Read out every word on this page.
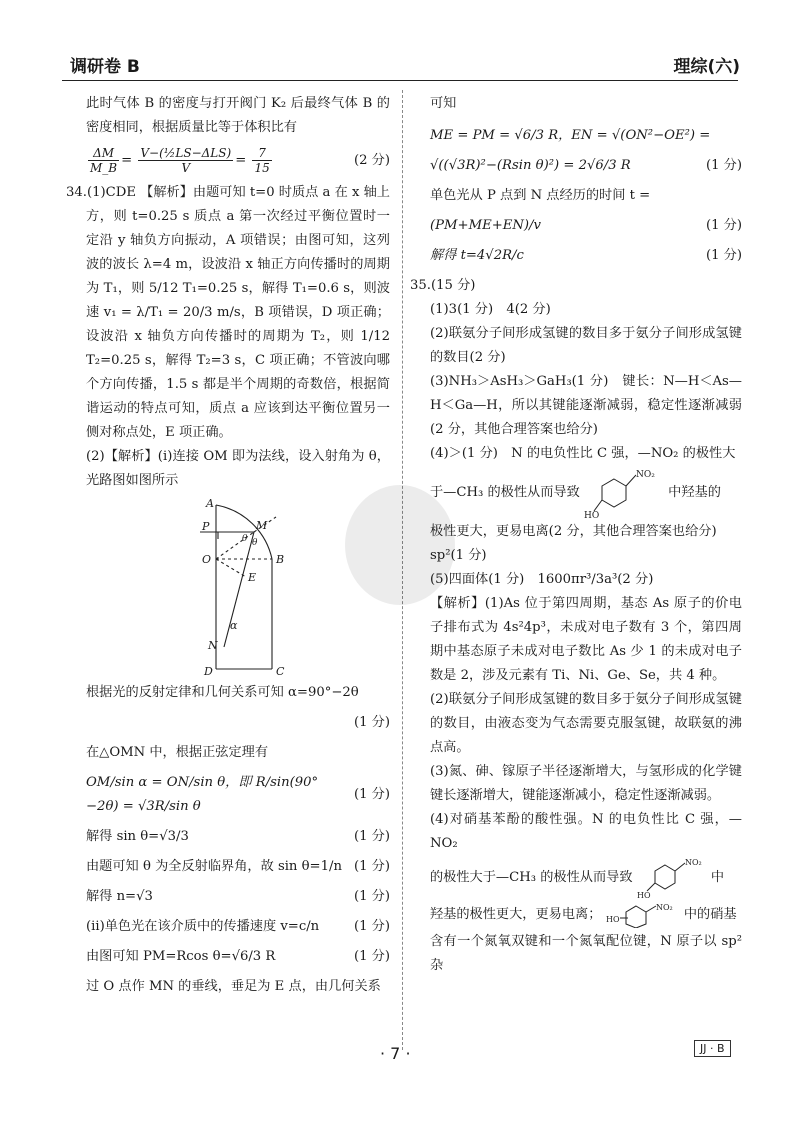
调研卷 B	理综(六)

此时气体 B 的密度与打开阀门 K₂ 后最终气体 B 的密度相同，根据质量比等于体积比有

$\frac{\Delta M}{M\_B} = \frac{\text{V−(½LS−ΔLS)}}{V} = \frac{7}{15}$	(2 分)

34.(1)CDE 【解析】由题可知 t=0 时质点 a 在 x 轴上方，则 t=0.25 s 质点 a 第一次经过平衡位置时一定沿 y 轴负方向振动，A 项错误；由图可知，这列波的波长 λ=4 m，设波沿 x 轴正方向传播时的周期为 T₁，则 5/12 T₁=0.25 s，解得 T₁=0.6 s，则波速 v₁ = λ/T₁ = 20/3 m/s，B 项错误，D 项正确；设波沿 x 轴负方向传播时的周期为 T₂，则 1/12 T₂=0.25 s，解得 T₂=3 s，C 项正确；不管波向哪个方向传播，1.5 s 都是半个周期的奇数倍，根据简谐运动的特点可知，质点 a 应该到达平衡位置另一侧对称点处，E 项正确。

(2)【解析】(ⅰ)连接 OM 即为法线，设入射角为 θ，光路图如图所示

A
B
C
D
O
P	M
E
N
α
θ θ

根据光的反射定律和几何关系可知 α=90°−2θ

(1 分)

在△OMN 中，根据正弦定理有

OM/sin α = ON/sin θ，即 R/sin(90°−2θ) = √3R/sin θ
(1 分)
解得 sin θ=√3/3	(1 分)
由题可知 θ 为全反射临界角，故 sin θ=1/n (1 分)
解得 n=√3	(1 分)
(ⅱ)单色光在该介质中的传播速度 v=c/n	(1 分)
由图可知 PM=Rcos θ=√6/3 R	(1 分)

过 O 点作 MN 的垂线，垂足为 E 点，由几何关系

可知

ME = PM = √6/3 R，EN = √(ON²−OE²) =

√((√3R)²−(Rsin θ)²) = 2√6/3 R	(1 分)

单色光从 P 点到 N 点经历的时间 t =

(PM+ME+EN)/v	(1 分)
解得 t=4√2R/c	(1 分)

35.(15 分)

(1)3(1 分)　4(2 分)

(2)联氨分子间形成氢键的数目多于氨分子间形成氢键的数目(2 分)

(3)NH₃＞AsH₃＞GaH₃(1 分)　键长：N—H＜As—H＜Ga—H，所以其键能逐渐减弱，稳定性逐渐减弱(2 分，其他合理答案也给分)

(4)＞(1 分)　N 的电负性比 C 强，—NO₂ 的极性大

于—CH₃ 的极性从而导致
NO₂
HO
中羟基的

极性更大，更易电离(2 分，其他合理答案也给分)

sp²(1 分)

(5)四面体(1 分)　1600πr³/3a³(2 分)

【解析】(1)As 位于第四周期，基态 As 原子的价电子排布式为 4s²4p³，未成对电子数有 3 个，第四周期中基态原子未成对电子数比 As 少 1 的未成对电子数是 2，涉及元素有 Ti、Ni、Ge、Se，共 4 种。

(2)联氨分子间形成氢键的数目多于氨分子间形成氢键的数目，由液态变为气态需要克服氢键，故联氨的沸点高。

(3)氮、砷、镓原子半径逐渐增大，与氢形成的化学键键长逐渐增大，键能逐渐减小，稳定性逐渐减弱。

(4)对硝基苯酚的酸性强。N 的电负性比 C 强，—NO₂

的极性大于—CH₃ 的极性从而导致
NO₂
HO
中

羟基的极性更大，更易电离； HO
NO₂ 中的硝基

含有一个氮氧双键和一个氮氧配位键，N 原子以 sp² 杂

· 7 ·	JJ · B
